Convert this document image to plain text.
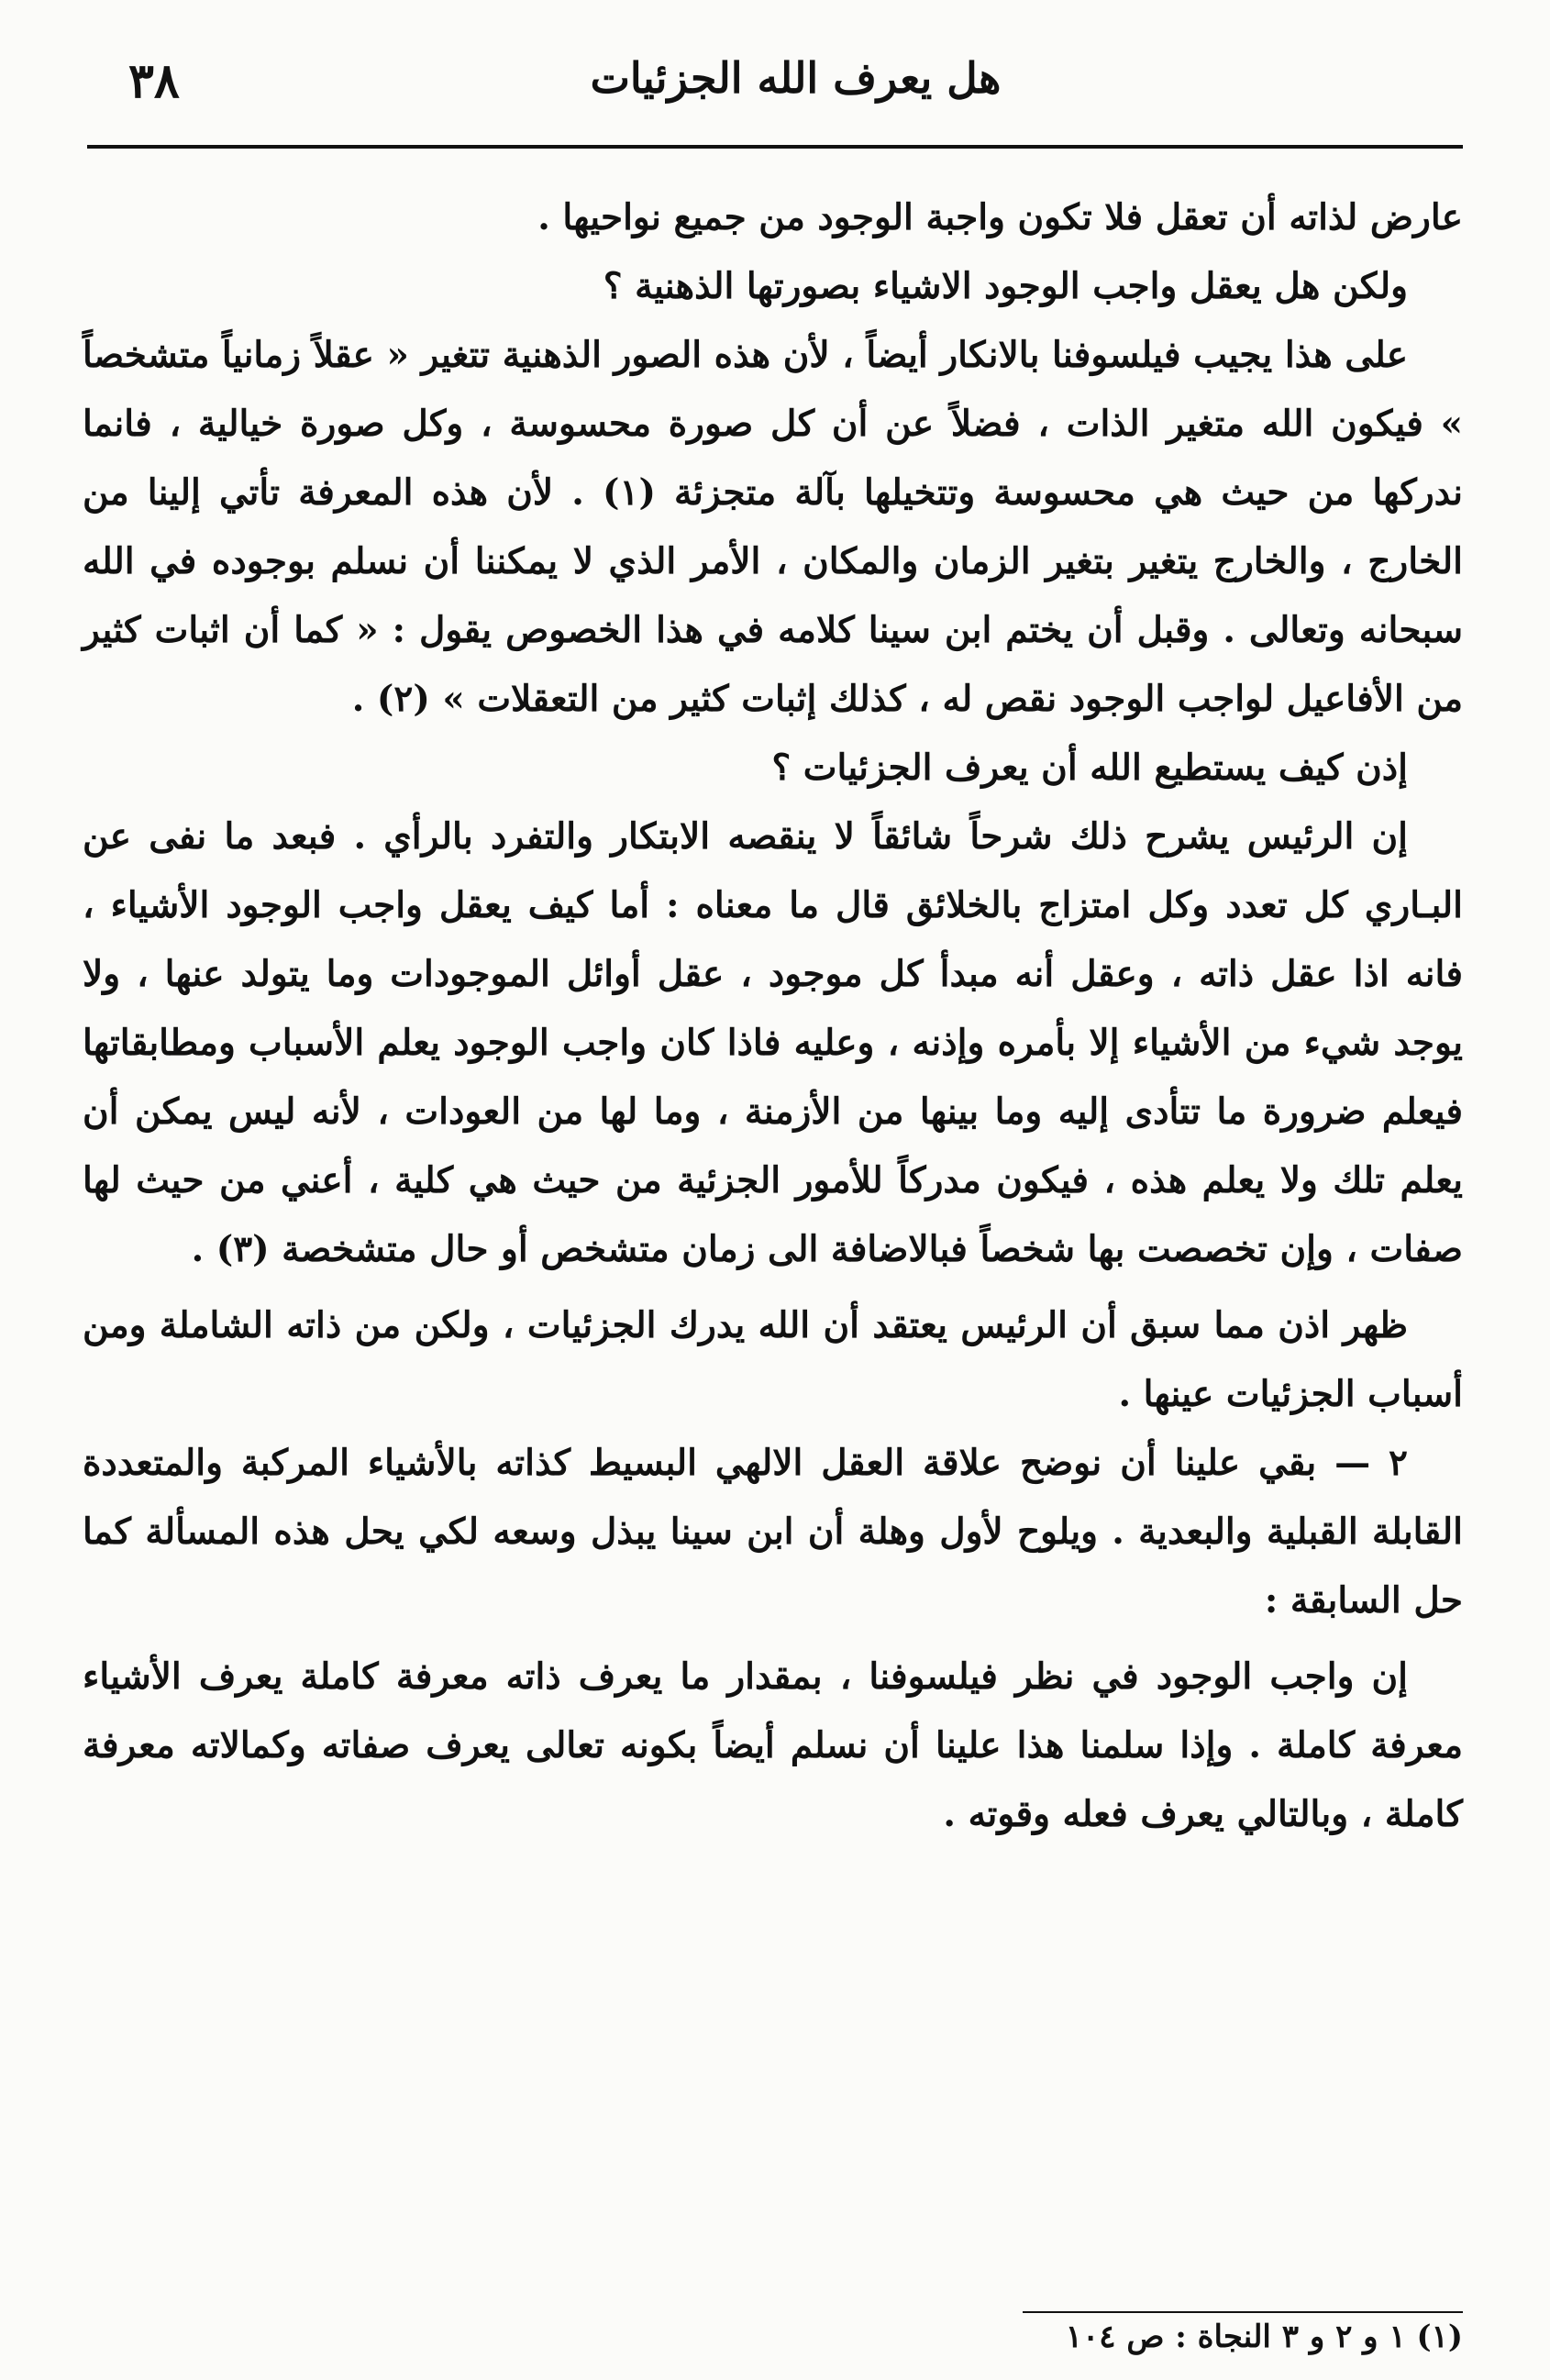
٣٨	هل يعرف الله الجزئيات

عارض لذاته أن تعقل فلا تكون واجبة الوجود من جميع نواحيها .

ولكن هل يعقل واجب الوجود الاشياء بصورتها الذهنية ؟

على هذا يجيب فيلسوفنا بالانكار أيضاً ، لأن هذه الصور الذهنية تتغير « عقلاً زمانياً متشخصاً » فيكون الله متغير الذات ، فضلاً عن أن كل صورة محسوسة ، وكل صورة خيالية ، فانما ندركها من حيث هي محسوسة وتتخيلها بآلة متجزئة (١) . لأن هذه المعرفة تأتي إلينا من الخارج ، والخارج يتغير بتغير الزمان والمكان ، الأمر الذي لا يمكننا أن نسلم بوجوده في الله سبحانه وتعالى . وقبل أن يختم ابن سينا كلامه في هذا الخصوص يقول : « كما أن اثبات كثير من الأفاعيل لواجب الوجود نقص له ، كذلك إثبات كثير من التعقلات » (٢) .

إذن كيف يستطيع الله أن يعرف الجزئيات ؟

إن الرئيس يشرح ذلك شرحاً شائقاً لا ينقصه الابتكار والتفرد بالرأي . فبعد ما نفى عن البـاري كل تعدد وكل امتزاج بالخلائق قال ما معناه : أما كيف يعقل واجب الوجود الأشياء ، فانه اذا عقل ذاته ، وعقل أنه مبدأ كل موجود ، عقل أوائل الموجودات وما يتولد عنها ، ولا يوجد شيء من الأشياء إلا بأمره وإذنه ، وعليه فاذا كان واجب الوجود يعلم الأسباب ومطابقاتها فيعلم ضرورة ما تتأدى إليه وما بينها من الأزمنة ، وما لها من العودات ، لأنه ليس يمكن أن يعلم تلك ولا يعلم هذه ، فيكون مدركاً للأمور الجزئية من حيث هي كلية ، أعني من حيث لها صفات ، وإن تخصصت بها شخصاً فبالاضافة الى زمان متشخص أو حال متشخصة (٣) .

ظهر اذن مما سبق أن الرئيس يعتقد أن الله يدرك الجزئيات ، ولكن من ذاته الشاملة ومن أسباب الجزئيات عينها .

٢ — بقي علينا أن نوضح علاقة العقل الالهي البسيط كذاته بالأشياء المركبة والمتعددة القابلة القبلية والبعدية . ويلوح لأول وهلة أن ابن سينا يبذل وسعه لكي يحل هذه المسألة كما حل السابقة :

إن واجب الوجود في نظر فيلسوفنا ، بمقدار ما يعرف ذاته معرفة كاملة يعرف الأشياء معرفة كاملة . وإذا سلمنا هذا علينا أن نسلم أيضاً بكونه تعالى يعرف صفاته وكمالاته معرفة كاملة ، وبالتالي يعرف فعله وقوته .

(١) ١ و ٢ و ٣ النجاة : ص ١٠٤
